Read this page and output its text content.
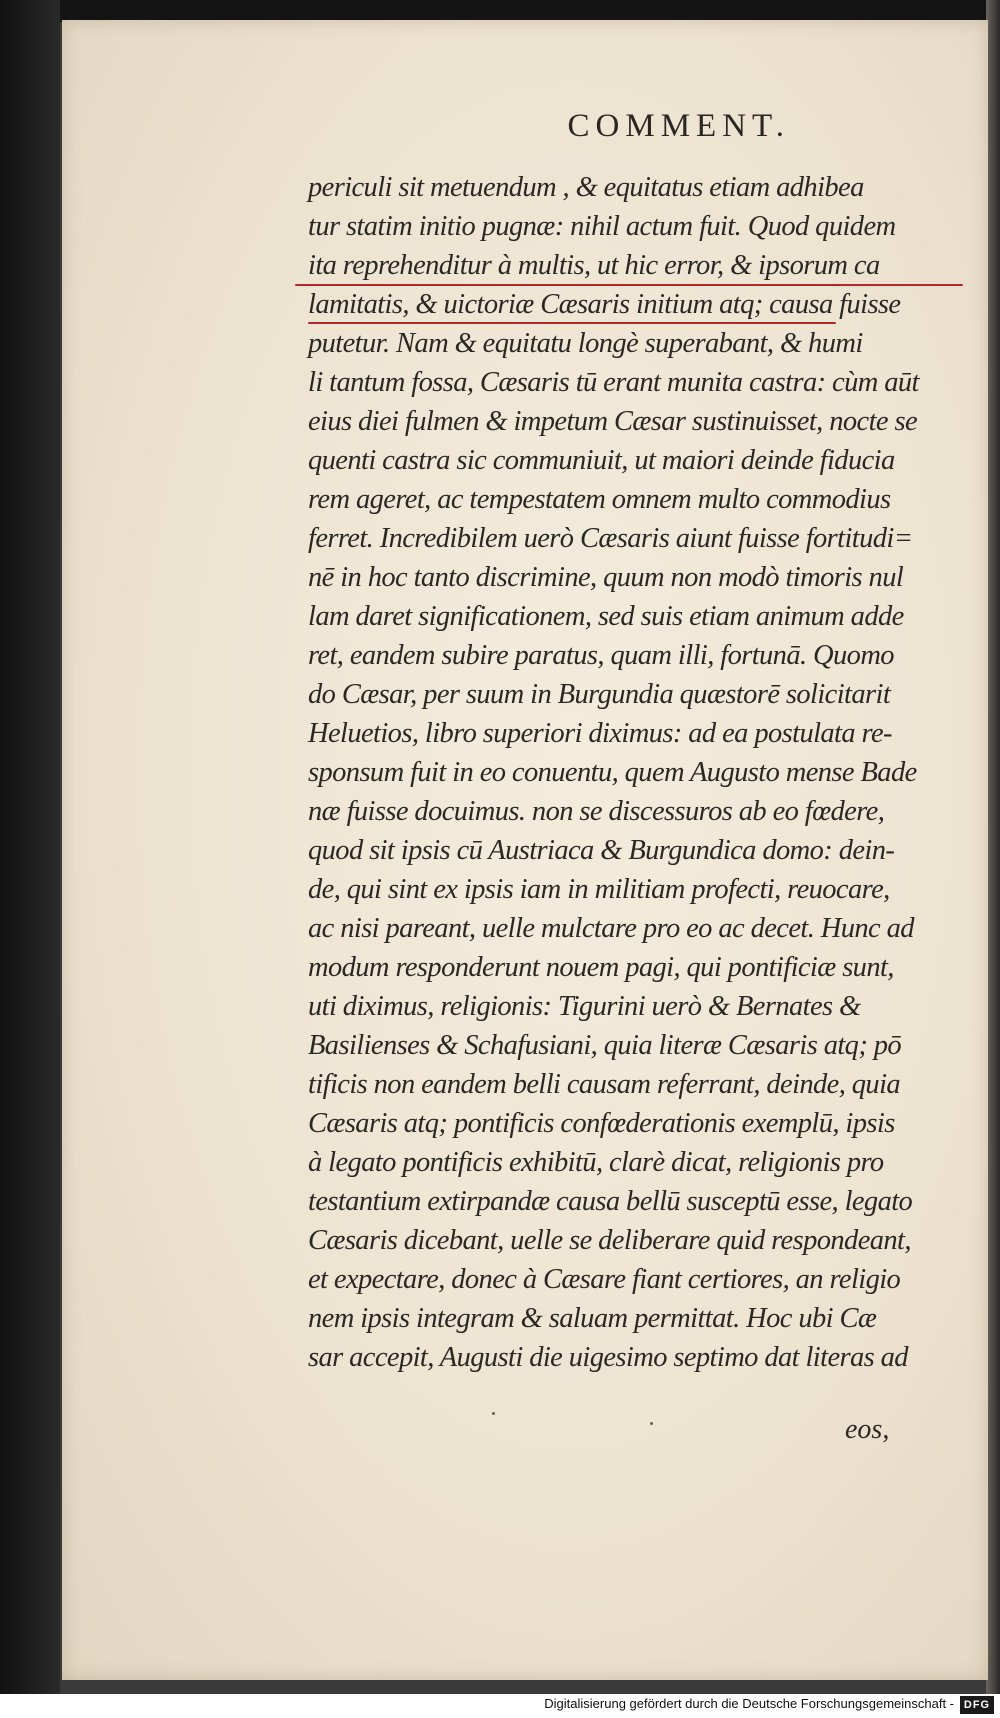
COMMENT.
periculi sit metuendum , & equitatus etiam adhibea
tur statim initio pugnæ: nihil actum fuit. Quod quidem
ita reprehenditur à multis, ut hic error, & ipsorum ca
lamitatis, & uictoriæ Cæsaris initium atq; causa fuisse
putetur. Nam & equitatu longè superabant, & humi
li tantum fossa, Cæsaris tū erant munita castra: cùm aūt
eius diei fulmen & impetum Cæsar sustinuisset, nocte se
quenti castra sic communiuit, ut maiori deinde fiducia
rem ageret, ac tempestatem omnem multo commodius
ferret. Incredibilem uerò Cæsaris aiunt fuisse fortitudi=
nē in hoc tanto discrimine, quum non modò timoris nul
lam daret significationem, sed suis etiam animum adde
ret, eandem subire paratus, quam illi, fortunā. Quomo
do Cæsar, per suum in Burgundia quæstorē solicitarit
Heluetios, libro superiori diximus: ad ea postulata re-
sponsum fuit in eo conuentu, quem Augusto mense Bade
næ fuisse docuimus. non se discessuros ab eo fœdere,
quod sit ipsis cū Austriaca & Burgundica domo: dein-
de, qui sint ex ipsis iam in militiam profecti, reuocare,
ac nisi pareant, uelle mulctare pro eo ac decet. Hunc ad
modum responderunt nouem pagi, qui pontificiæ sunt,
uti diximus, religionis: Tigurini uerò & Bernates &
Basilienses & Schafusiani, quia literæ Cæsaris atq; pō
tificis non eandem belli causam referrant, deinde, quia
Cæsaris atq; pontificis confœderationis exemplū, ipsis
à legato pontificis exhibitū, clarè dicat, religionis pro
testantium extirpandæ causa bellū susceptū esse, legato
Cæsaris dicebant, uelle se deliberare quid respondeant,
et expectare, donec à Cæsare fiant certiores, an religio
nem ipsis integram & saluam permittat. Hoc ubi Cæ
sar accepit, Augusti die uigesimo septimo dat literas ad
eos,
Digitalisierung gefördert durch die Deutsche Forschungsgemeinschaft - DFG
